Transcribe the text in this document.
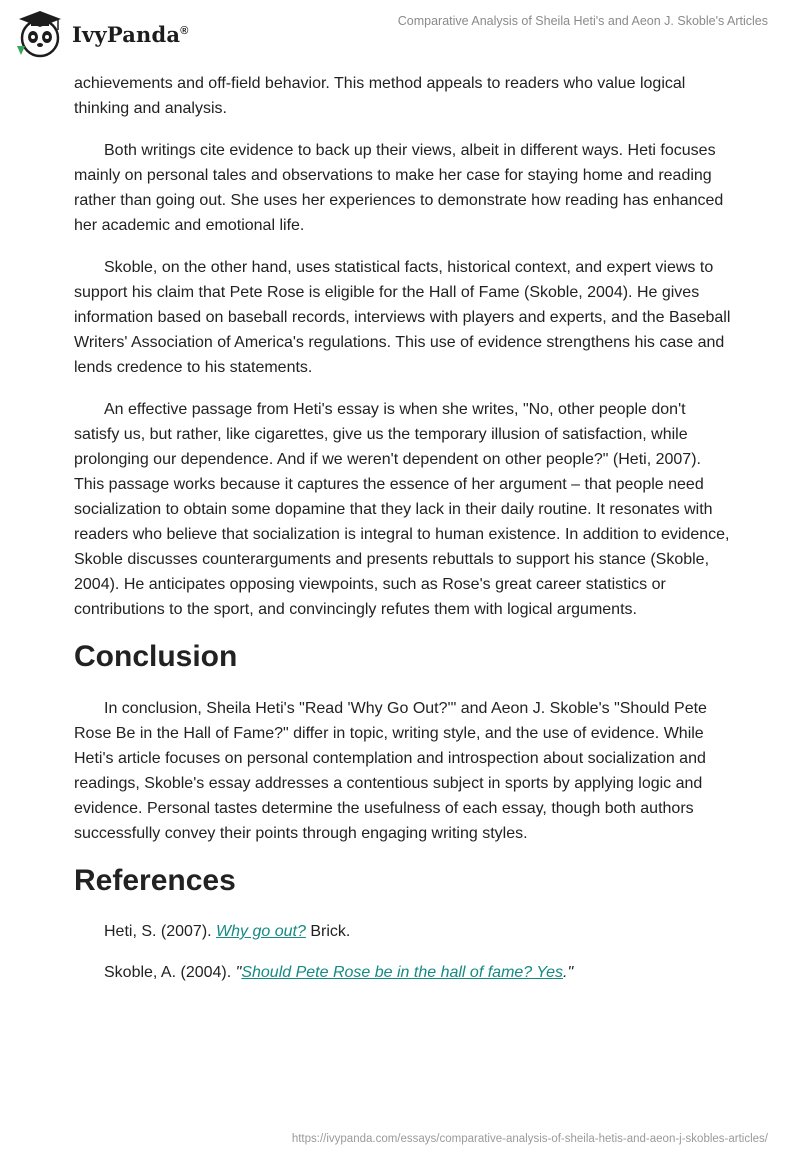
IvyPanda®
Comparative Analysis of Sheila Heti's and Aeon J. Skoble's Articles

achievements and off-field behavior. This method appeals to readers who value logical thinking and analysis.

Both writings cite evidence to back up their views, albeit in different ways. Heti focuses mainly on personal tales and observations to make her case for staying home and reading rather than going out. She uses her experiences to demonstrate how reading has enhanced her academic and emotional life.

Skoble, on the other hand, uses statistical facts, historical context, and expert views to support his claim that Pete Rose is eligible for the Hall of Fame (Skoble, 2004). He gives information based on baseball records, interviews with players and experts, and the Baseball Writers' Association of America's regulations. This use of evidence strengthens his case and lends credence to his statements.

An effective passage from Heti's essay is when she writes, "No, other people don't satisfy us, but rather, like cigarettes, give us the temporary illusion of satisfaction, while prolonging our dependence. And if we weren't dependent on other people?" (Heti, 2007). This passage works because it captures the essence of her argument – that people need socialization to obtain some dopamine that they lack in their daily routine. It resonates with readers who believe that socialization is integral to human existence. In addition to evidence, Skoble discusses counterarguments and presents rebuttals to support his stance (Skoble, 2004). He anticipates opposing viewpoints, such as Rose's great career statistics or contributions to the sport, and convincingly refutes them with logical arguments.

Conclusion

In conclusion, Sheila Heti's "Read 'Why Go Out?'" and Aeon J. Skoble's "Should Pete Rose Be in the Hall of Fame?" differ in topic, writing style, and the use of evidence. While Heti's article focuses on personal contemplation and introspection about socialization and readings, Skoble's essay addresses a contentious subject in sports by applying logic and evidence. Personal tastes determine the usefulness of each essay, though both authors successfully convey their points through engaging writing styles.

References
Heti, S. (2007). Why go out? Brick.
Skoble, A. (2004). "Should Pete Rose be in the hall of fame? Yes."
https://ivypanda.com/essays/comparative-analysis-of-sheila-hetis-and-aeon-j-skobles-articles/
